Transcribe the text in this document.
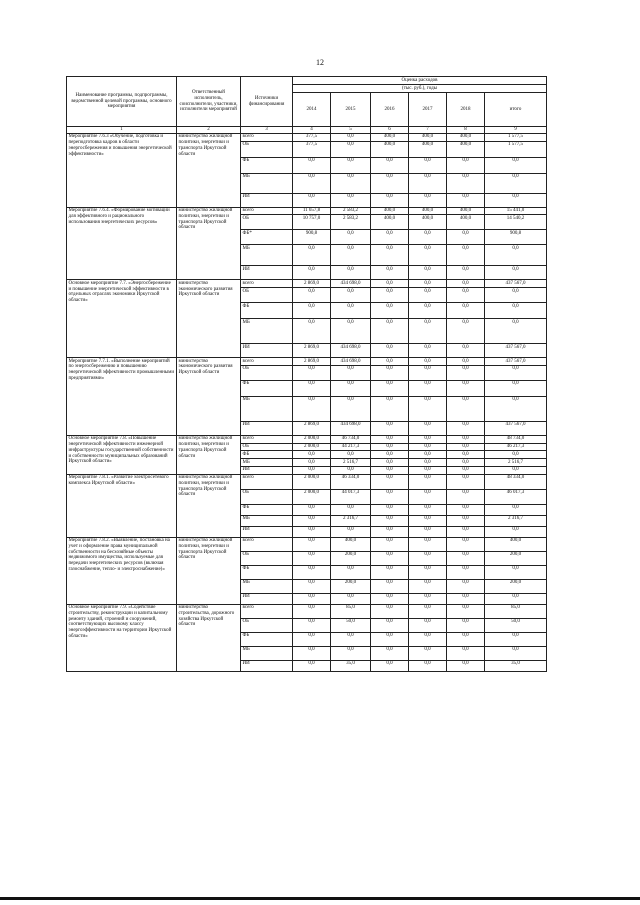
12
Наименование программы, подпрограммы, ведомственной целевой программы, основного мероприятия	Ответственный исполнитель, соисполнители, участники, исполнители мероприятий	Источники финансирования	Оценка расходов					
			(тыс. руб.), годы					
			2014	2015	2016	2017	2018	итого
1	2	3	4	5	6	7	8	9
Мероприятие 7.6.3 «Обучение, подготовка и переподготовка кадров в области энергосбережения и повышения энергетической эффективности»	министерство жилищной политики, энергетики и транспорта Иркутской области	всего	377,5	0,0	400,0	400,0	400,0	1 577,5
		ОБ	377,5	0,0	400,0	400,0	400,0	1 577,5
		ФБ	0,0	0,0	0,0	0,0	0,0	0,0
		МБ	0,0	0,0	0,0	0,0	0,0	0,0
		ИИ	0,0	0,0	0,0	0,0	0,0	0,0
Мероприятие 7.6.4. «Формирование мотивации для эффективного и рационального использования энергетических ресурсов»	министерство жилищной политики, энергетики и транспорта Иркутской области	всего	11 657,8	2 583,2	400,0	400,0	400,0	15 441,0
		ОБ	10 757,0	2 583,2	400,0	400,0	400,0	14 540,2
		ФБ*	900,8	0,0	0,0	0,0	0,0	900,8
		МБ	0,0	0,0	0,0	0,0	0,0	0,0
		ИИ	0,0	0,0	0,0	0,0	0,0	0,0
Основное мероприятие 7.7. «Энергосбережение и повышение энергетической эффективности в отдельных отраслях экономики Иркутской области»	министерство экономического развития Иркутской области	всего	2 869,0	434 698,0	0,0	0,0	0,0	437 567,0
		ОБ	0,0	0,0	0,0	0,0	0,0	0,0
		ФБ	0,0	0,0	0,0	0,0	0,0	0,0
		МБ	0,0	0,0	0,0	0,0	0,0	0,0
		ИИ	2 869,0	434 698,0	0,0	0,0	0,0	437 567,0
Мероприятие 7.7.1. «Выполнение мероприятий по энергосбережению и повышению энергетической эффективности промышленными предприятиями»	министерство экономического развития Иркутской области	всего	2 869,0	434 698,0	0,0	0,0	0,0	437 567,0
		ОБ	0,0	0,0	0,0	0,0	0,0	0,0
		ФБ	0,0	0,0	0,0	0,0	0,0	0,0
		МБ	0,0	0,0	0,0	0,0	0,0	0,0
		ИИ	2 869,0	434 698,0	0,0	0,0	0,0	437 567,0
Основное мероприятие 7.8. «Повышение энергетической эффективности инженерной инфраструктуры государственной собственности и собственности муниципальных образований Иркутской области»	министерство жилищной политики, энергетики и транспорта Иркутской области	всего	2 000,0	46 734,0	0,0	0,0	0,0	48 734,0
		ОБ	2 000,0	44 217,3	0,0	0,0	0,0	46 217,3
		ФБ	0,0	0,0	0,0	0,0	0,0	0,0
		МБ	0,0	2 516,7	0,0	0,0	0,0	2 516,7
		ИИ	0,0	0,0	0,0	0,0	0,0	0,0
Мероприятие 7.8.1. «Развитие электросетевого комплекса Иркутской области»	министерство жилищной политики, энергетики и транспорта Иркутской области	всего	2 000,0	46 334,0	0,0	0,0	0,0	48 334,0
		ОБ	2 000,0	44 017,3	0,0	0,0	0,0	46 017,3
		ФБ	0,0	0,0	0,0	0,0	0,0	0,0
		МБ	0,0	2 316,7	0,0	0,0	0,0	2 316,7
		ИИ	0,0	0,0	0,0	0,0	0,0	0,0
Мероприятие 7.8.2. «Выявление, постановка на учет и оформление права муниципальной собственности на бесхозяйные объекты недвижимого имущества, используемые для передачи энергетических ресурсов (включая газоснабжение, тепло- и электроснабжение)»	министерство жилищной политики, энергетики и транспорта Иркутской области	всего	0,0	400,0	0,0	0,0	0,0	400,0
		ОБ	0,0	200,0	0,0	0,0	0,0	200,0
		ФБ	0,0	0,0	0,0	0,0	0,0	0,0
		МБ	0,0	200,0	0,0	0,0	0,0	200,0
		ИИ	0,0	0,0	0,0	0,0	0,0	0,0
Основное мероприятие 7.9. «Содействие строительству, реконструкции и капитальному ремонту зданий, строений и сооружений, соответствующих высокому классу энергоэффективности на территории Иркутской области»	министерство строительства, дорожного хозяйства Иркутской области	всего	0,0	85,0	0,0	0,0	0,0	85,0
		ОБ	0,0	50,0	0,0	0,0	0,0	50,0
		ФБ	0,0	0,0	0,0	0,0	0,0	0,0
		МБ	0,0	0,0	0,0	0,0	0,0	0,0
		ИИ	0,0	35,0	0,0	0,0	0,0	35,0
